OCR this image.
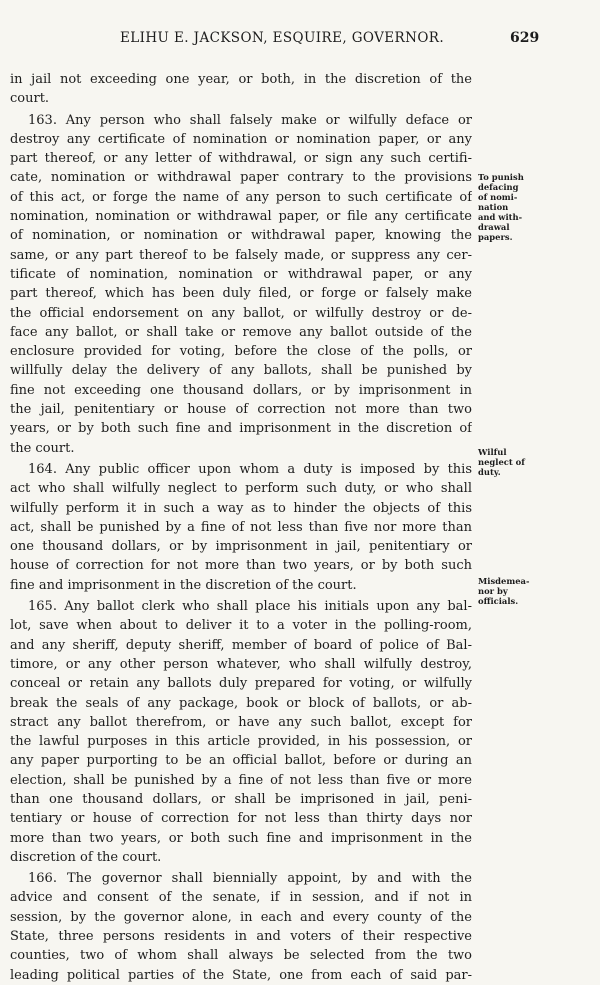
ELIHU E. JACKSON, ESQUIRE, GOVERNOR.	629
in jail not exceeding one year, or both, in the discretion of the
court.
163. Any person who shall falsely make or wilfully deface or
destroy any certificate of nomination or nomination paper, or any
part thereof, or any letter of withdrawal, or sign any such certifi-
cate, nomination or withdrawal paper contrary to the provisions
of this act, or forge the name of any person to such certificate of
nomination, nomination or withdrawal paper, or file any certificate
of nomination, or nomination or withdrawal paper, knowing the
same, or any part thereof to be falsely made, or suppress any cer-
tificate of nomination, nomination or withdrawal paper, or any
part thereof, which has been duly filed, or forge or falsely make
the official endorsement on any ballot, or wilfully destroy or de-
face any ballot, or shall take or remove any ballot outside of the
enclosure provided for voting, before the close of the polls, or
willfully delay the delivery of any ballots, shall be punished by
fine not exceeding one thousand dollars, or by imprisonment in
the jail, penitentiary or house of correction not more than two
years, or by both such fine and imprisonment in the discretion of
the court.
164. Any public officer upon whom a duty is imposed by this
act who shall wilfully neglect to perform such duty, or who shall
wilfully perform it in such a way as to hinder the objects of this
act, shall be punished by a fine of not less than five nor more than
one thousand dollars, or by imprisonment in jail, penitentiary or
house of correction for not more than two years, or by both such
fine and imprisonment in the discretion of the court.
165. Any ballot clerk who shall place his initials upon any bal-
lot, save when about to deliver it to a voter in the polling-room,
and any sheriff, deputy sheriff, member of board of police of Bal-
timore, or any other person whatever, who shall wilfully destroy,
conceal or retain any ballots duly prepared for voting, or wilfully
break the seals of any package, book or block of ballots, or ab-
stract any ballot therefrom, or have any such ballot, except for
the lawful purposes in this article provided, in his possession, or
any paper purporting to be an official ballot, before or during an
election, shall be punished by a fine of not less than five or more
than one thousand dollars, or shall be imprisoned in jail, peni-
tentiary or house of correction for not less than thirty days nor
more than two years, or both such fine and imprisonment in the
discretion of the court.
166. The governor shall biennially appoint, by and with the
advice and consent of the senate, if in session, and if not in
session, by the governor alone, in each and every county of the
State, three persons residents in and voters of their respective
counties, two of whom shall always be selected from the two
leading political parties of the State, one from each of said par-
To punish
defacing
of nomi-
nation
and with-
drawal
papers.
Wilful
neglect of
duty.
Misdemea-
nor by
officials.
